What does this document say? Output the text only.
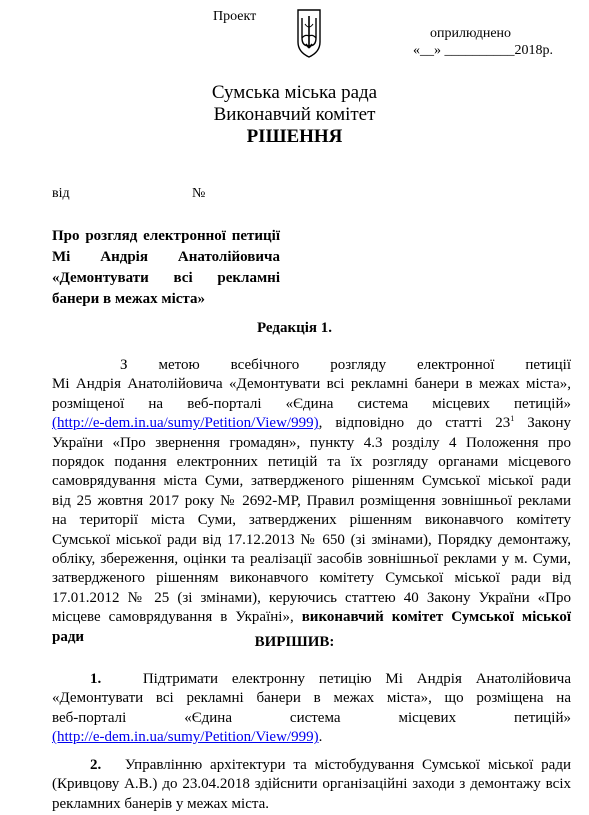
Проект
оприлюднено
«__» __________2018р.
Сумська міська рада
Виконавчий комітет
РІШЕННЯ
від	№
Про розгляд електронної петиції
Мі Андрія Анатолійовича
«Демонтувати всі рекламні
банери в межах міста»
Редакція 1.
З метою всебічного розгляду електронної петиції
Мі Андрія Анатолійовича «Демонтувати всі рекламні банери в межах міста»,
розміщеної на веб-порталі «Єдина система місцевих петицій»
(http://e-dem.in.ua/sumy/Petition/View/999), відповідно до статті $23^1$ Закону
України «Про звернення громадян», пункту 4.3 розділу 4 Положення про
порядок подання електронних петицій та їх розгляду органами місцевого
самоврядування міста Суми, затвердженого рішенням Сумської міської ради
від 25 жовтня 2017 року № 2692-МР, Правил розміщення зовнішньої реклами
на території міста Суми, затверджених рішенням виконавчого комітету
Сумської міської ради від 17.12.2013 № 650 (зі змінами), Порядку демонтажу,
обліку, збереження, оцінки та реалізації засобів зовнішньої реклами у м. Суми,
затвердженого рішенням виконавчого комітету Сумської міської ради від
17.01.2012 № 25 (зі змінами), керуючись статтею 40 Закону України «Про
місцеве самоврядування в Україні», виконавчий комітет Сумської міської
ради	ВИРІШИВ:
1.	Підтримати електронну петицію Мі Андрія Анатолійовича
«Демонтувати всі рекламні банери в межах міста», що розміщена на
веб-порталі «Єдина система місцевих петицій»
(http://e-dem.in.ua/sumy/Petition/View/999).
2. Управлінню архітектури та містобудування Сумської міської ради
(Кривцову А.В.) до 23.04.2018 здійснити організаційні заходи з демонтажу всіх
рекламних банерів у межах міста.
